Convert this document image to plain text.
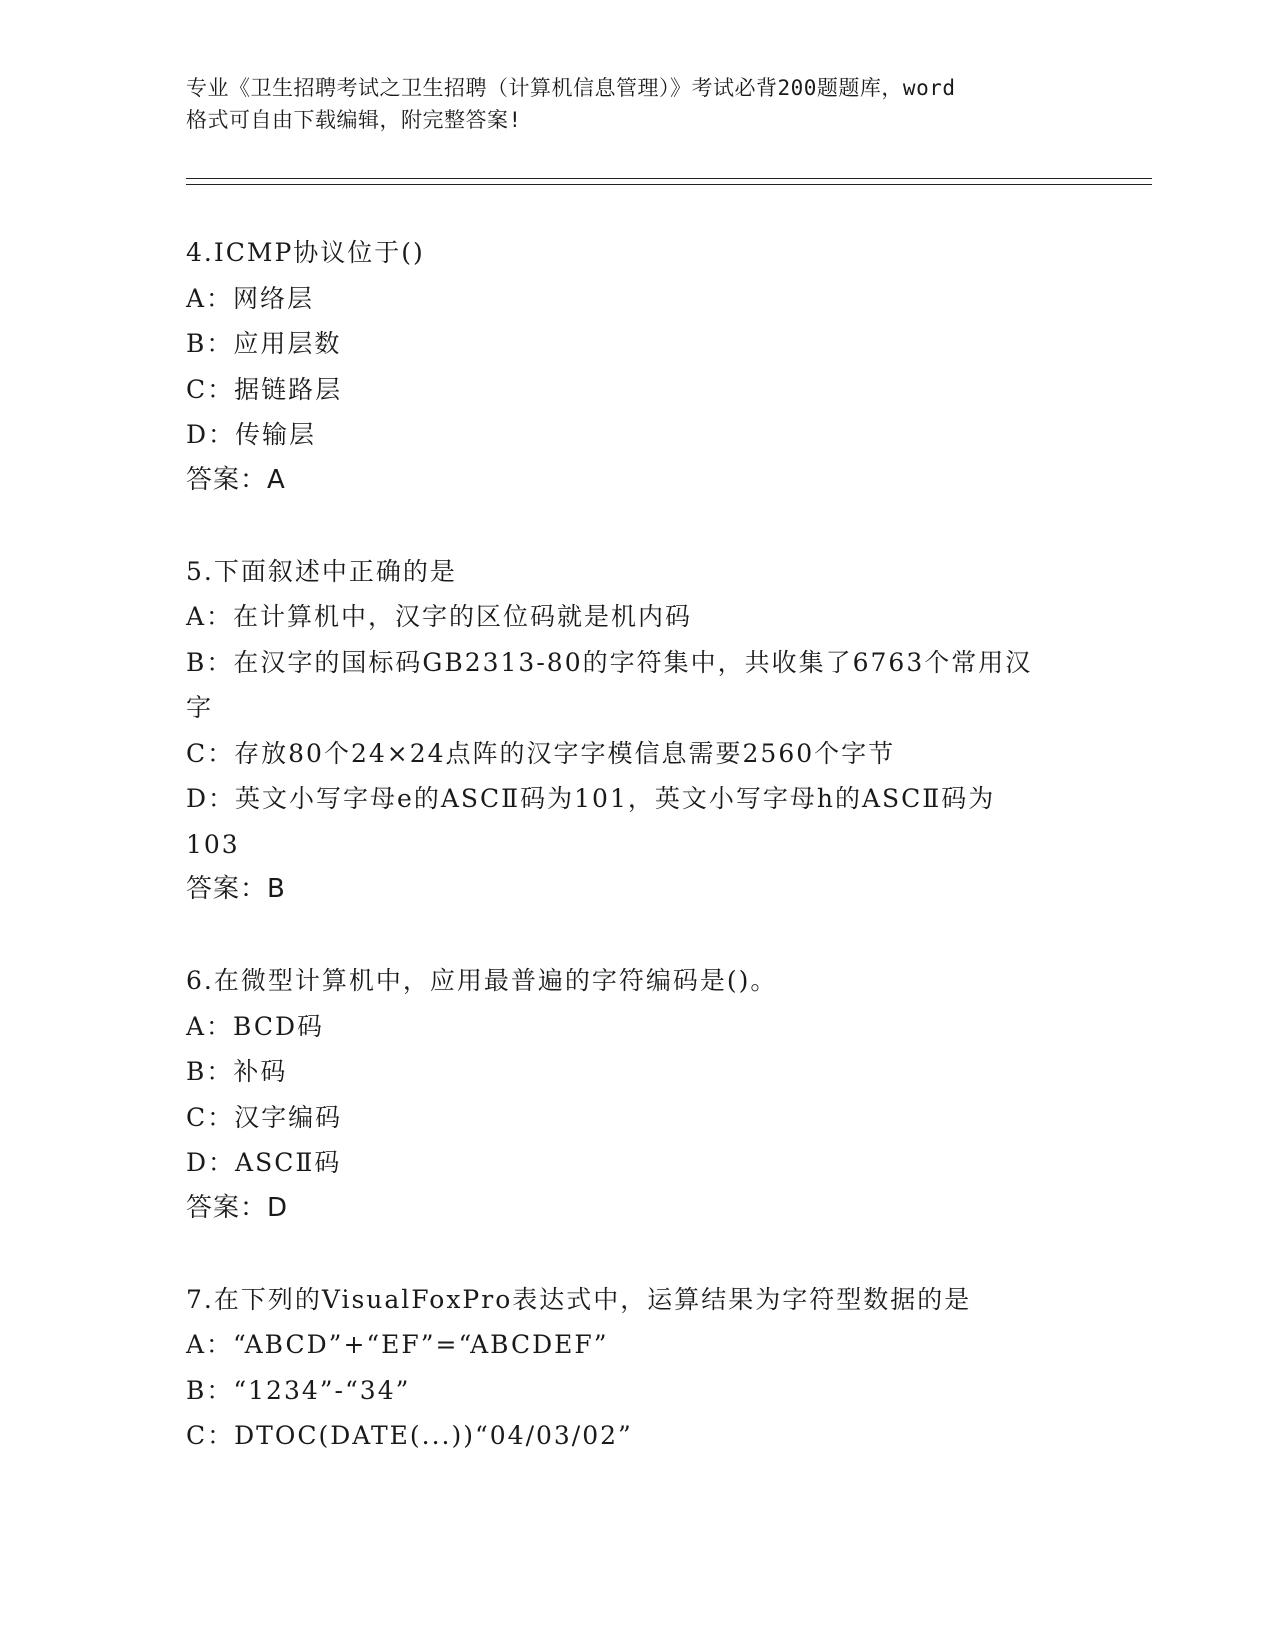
专业《卫生招聘考试之卫生招聘（计算机信息管理）》考试必背200题题库，word
格式可自由下载编辑，附完整答案!
4.ICMP协议位于()
A：网络层
B：应用层数
C：据链路层
D：传输层
答案：A
5.下面叙述中正确的是
A：在计算机中，汉字的区位码就是机内码
B：在汉字的国标码GB2313-80的字符集中，共收集了6763个常用汉
字
C：存放80个24×24点阵的汉字字模信息需要2560个字节
D：英文小写字母e的ASCⅡ码为101，英文小写字母h的ASCⅡ码为
103
答案：B
6.在微型计算机中，应用最普遍的字符编码是()。
A：BCD码
B：补码
C：汉字编码
D：ASCⅡ码
答案：D
7.在下列的VisualFoxPro表达式中，运算结果为字符型数据的是
A：“ABCD”+“EF”=“ABCDEF”
B：“1234”-“34”
C：DTOC(DATE(...))“04/03/02”
